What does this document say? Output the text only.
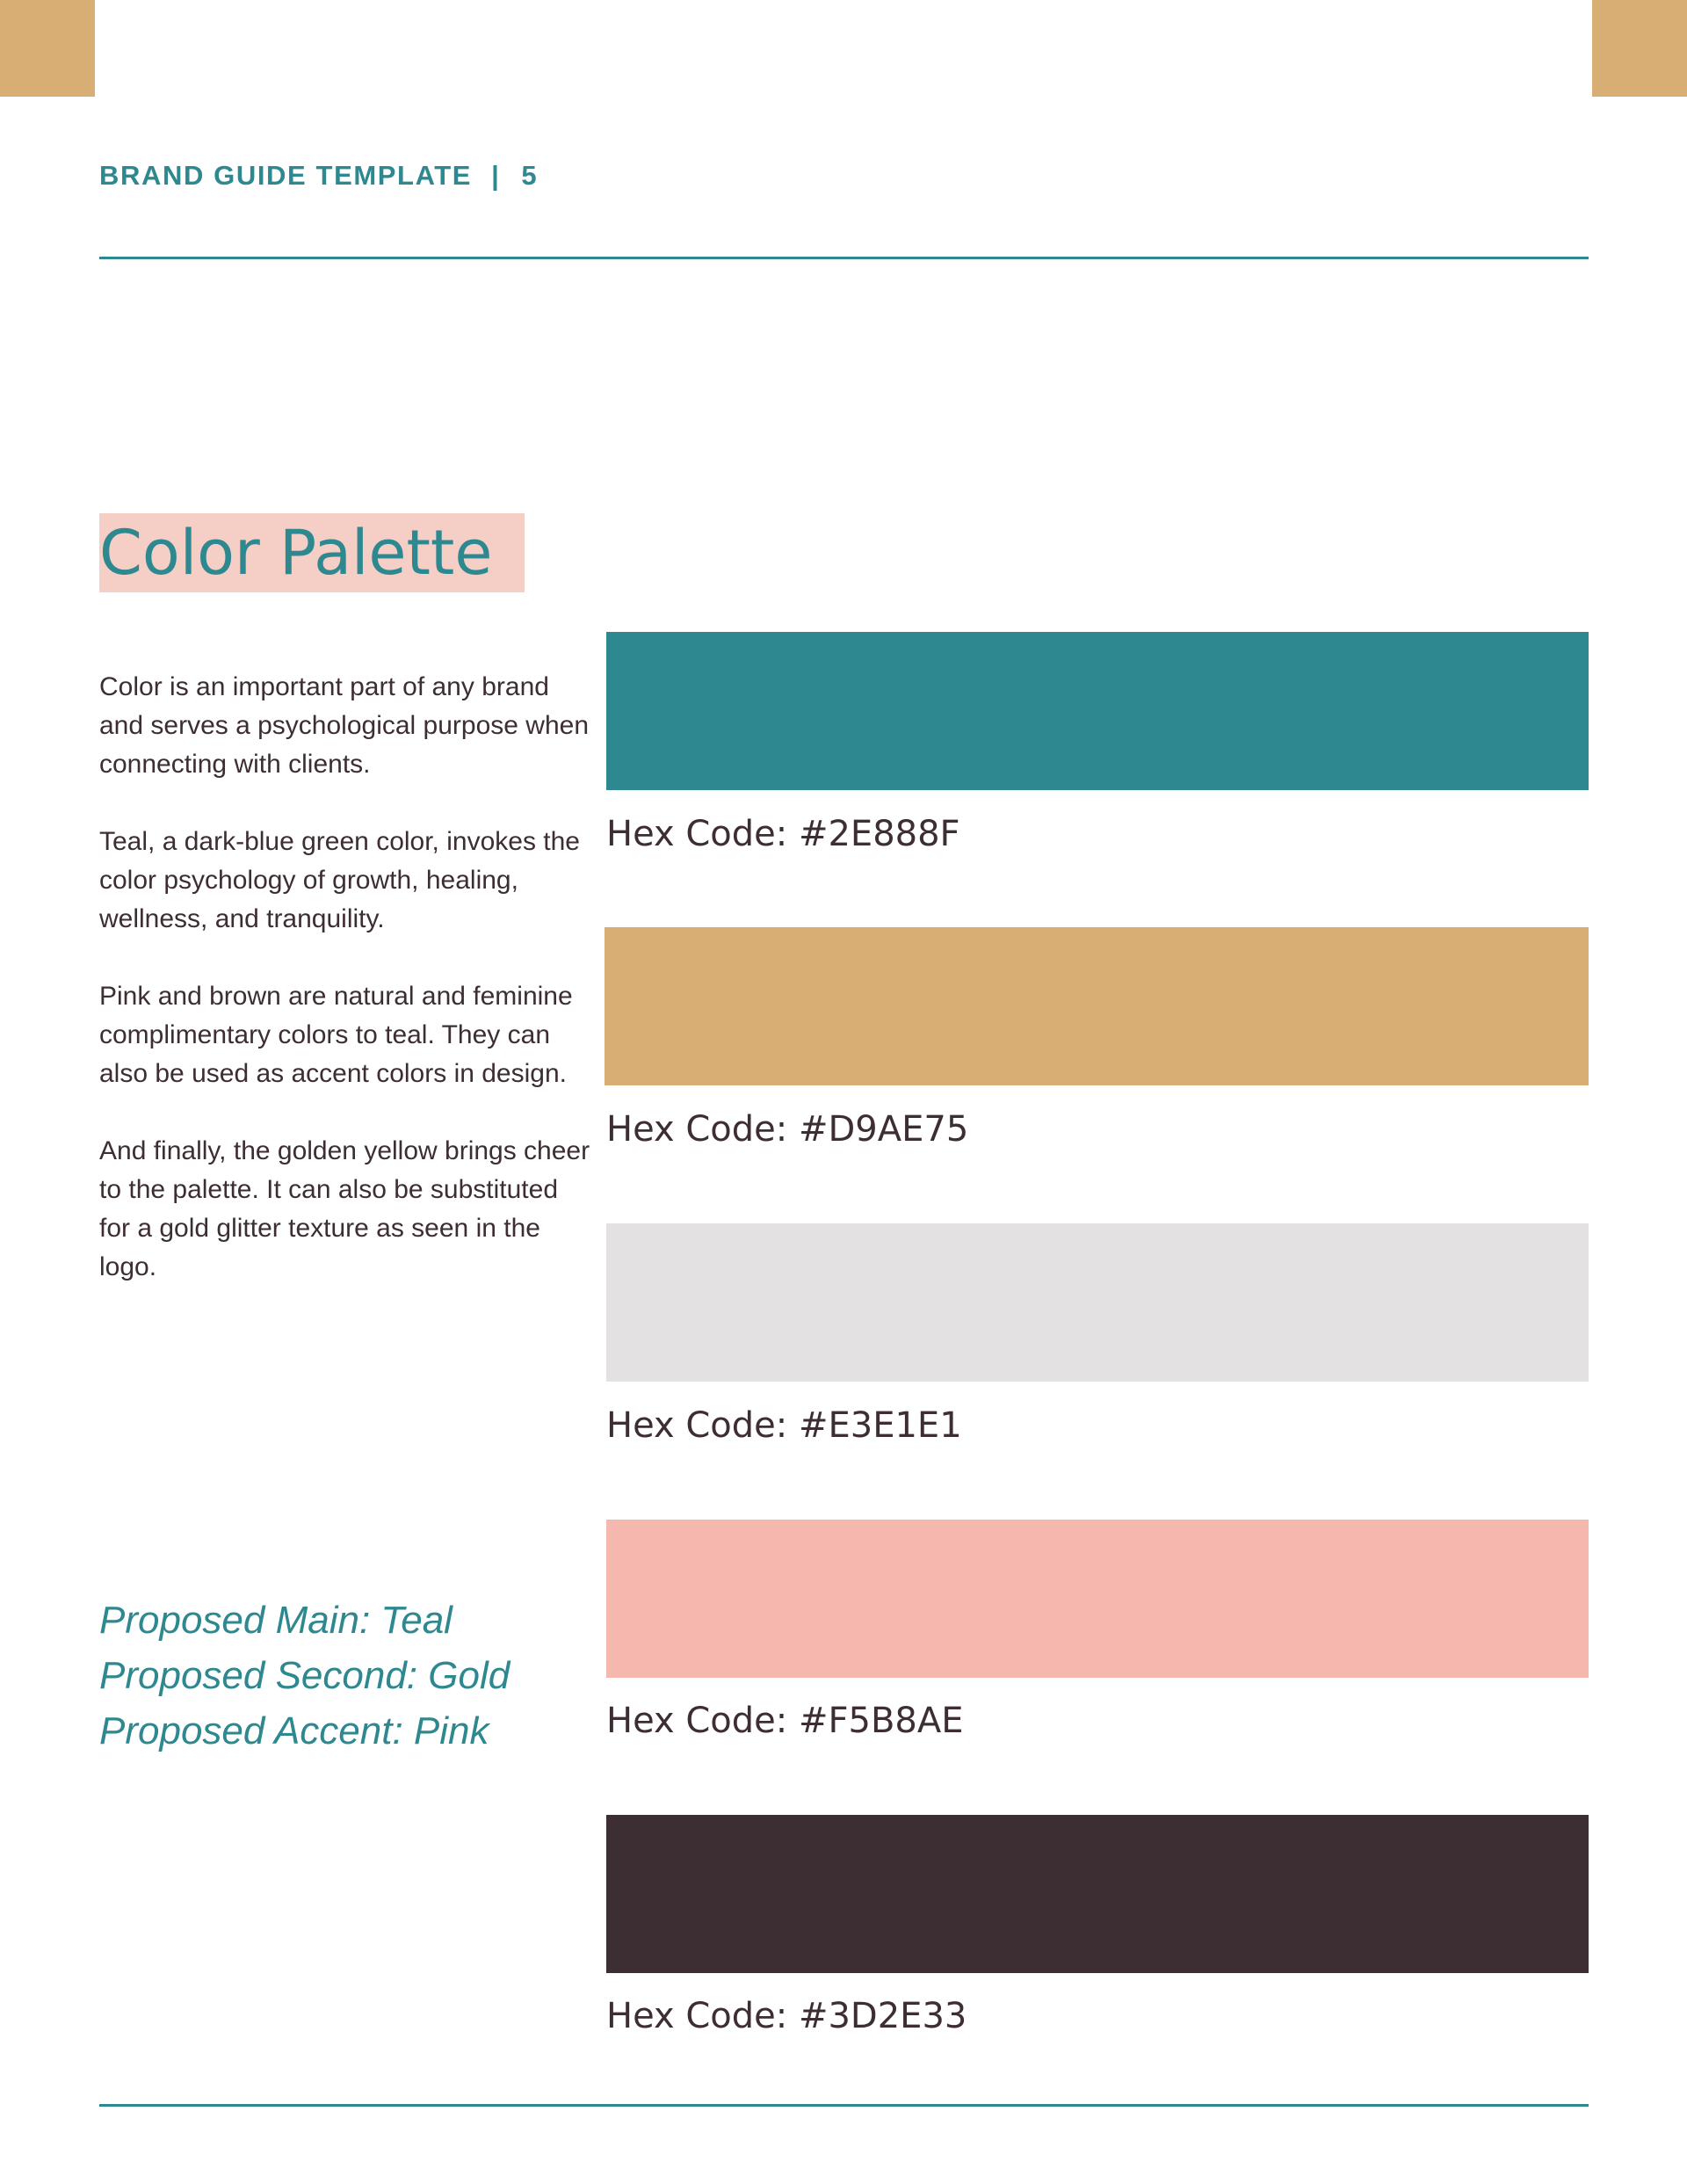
BRAND GUIDE TEMPLATE | 5
Color Palette

Color is an important part of any brand and serves a psychological purpose when connecting with clients.

Teal, a dark-blue green color, invokes the color psychology of growth, healing, wellness, and tranquility.

Pink and brown are natural and feminine complimentary colors to teal. They can also be used as accent colors in design.

And finally, the golden yellow brings cheer to the palette. It can also be substituted for a gold glitter texture as seen in the logo.

Proposed Main: Teal
Proposed Second: Gold
Proposed Accent: Pink
Hex Code: #2E888F
Hex Code: #D9AE75
Hex Code: #E3E1E1
Hex Code: #F5B8AE
Hex Code: #3D2E33
